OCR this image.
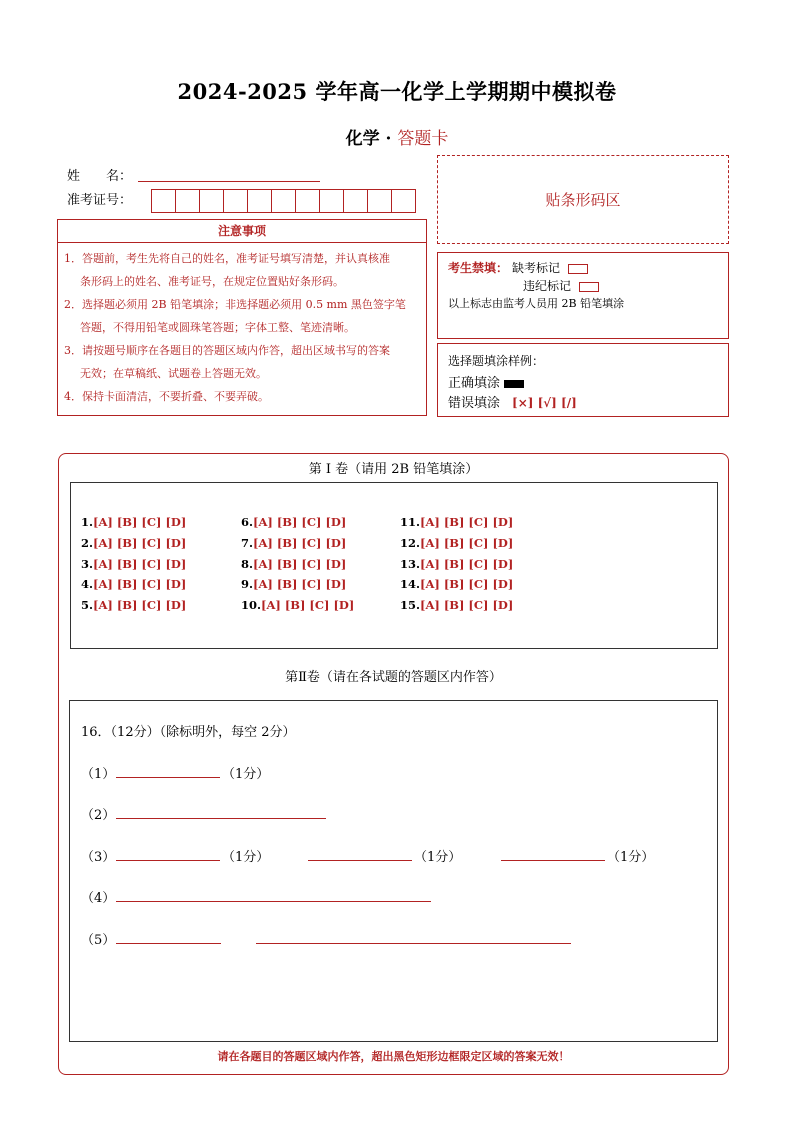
2024-2025 学年高一化学上学期期中模拟卷
化学 · 答题卡
姓　　名：
准考证号：	贴条形码区
注意事项
1．答题前，考生先将自己的姓名，准考证号填写清楚，并认真核准
条形码上的姓名、准考证号，在规定位置贴好条形码。
2．选择题必须用 2B 铅笔填涂；非选择题必须用 0.5 mm 黑色签字笔
答题，不得用铅笔或圆珠笔答题；字体工整、笔迹清晰。
3．请按题号顺序在各题目的答题区域内作答，超出区域书写的答案
无效；在草稿纸、试题卷上答题无效。
4．保持卡面清洁，不要折叠、不要弄破。
考生禁填： 缺考标记
违纪标记
以上标志由监考人员用 2B 铅笔填涂
选择题填涂样例：
正确填涂
错误填涂 [×] [√] [/]
第 I 卷（请用 2B 铅笔填涂）
1.[A] [B] [C] [D]
2.[A] [B] [C] [D]
3.[A] [B] [C] [D]
4.[A] [B] [C] [D]
5.[A] [B] [C] [D]
6.[A] [B] [C] [D]
7.[A] [B] [C] [D]
8.[A] [B] [C] [D]
9.[A] [B] [C] [D]
10.[A] [B] [C] [D]
11.[A] [B] [C] [D]
12.[A] [B] [C] [D]
13.[A] [B] [C] [D]
14.[A] [B] [C] [D]
15.[A] [B] [C] [D]
第Ⅱ卷（请在各试题的答题区内作答）
16．（12分）（除标明外，每空 2分）
（1）	（1分）
（2）
（3）	（1分）	（1分）	（1分）
（4）
（5）
请在各题目的答题区域内作答，超出黑色矩形边框限定区域的答案无效！
